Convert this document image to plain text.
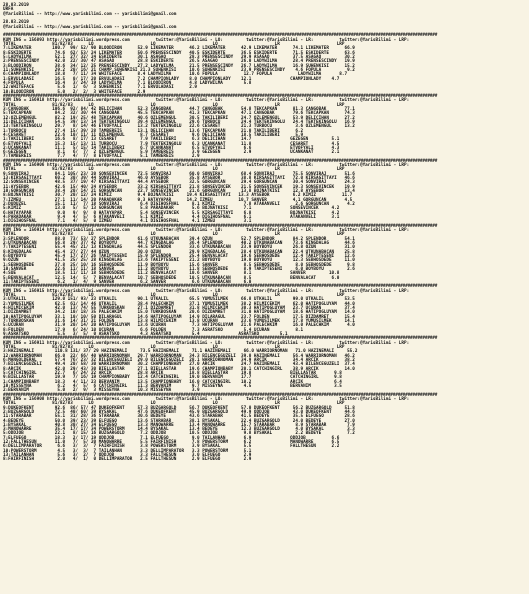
28.03.2019
URFA
@YarisBilimi -- http://www.yarisbilimi.com -- yarisbilimi@gmail.com

28.03.2019
@YarisBilimi -- http://www.yarisbilimi.com -- yarisbilimi@gmail.com

################################################################################################################################################################################
KUM ING = 156893 http://yarisbilimi.wordpress.com          twitter:@YarisBilimi - LO:         twitter:@YarisBilimi - LR:          twitter:@YarisBilimi - LRP:
TOTAL              81/82/83      LO                      LO                      LO                      LR                      LRP
7:LIKEMATER        100.7  99/ 52/ 90 BLOODIRON      52.9 LIKEMATER      46.2 LIKEMATER      42.9 LIKEMATER      74.1 LIKEMATER      66.9
8:ESKIDERTE         74.6  62/ 53/ 24 LIKEMATER      50.6 PRENSESCINDY   40.5 ESKIDERTE      36.5 ESKIDERTE      71.5 ESKIDERTE      63.6
5:LADYWILMA         52.1  27/ 32/ 24 ESKIDERTE      30.1 ASAGAO         28.3 PRENSESCINDY   29.9 ASAGAO         37.5 ASAGAO         30.2
2:PRENSESCINDY      42.0  22/ 30/ 47 ASAGAO         28.8 ESKIDERTE      26.5 ASAGAO         26.0 LADYWILMA      28.4 PRENSESCINDY   19.9
3:BLOODIRON         38.6  34/ 12/ 25 PRENSESCINDY   27.2 LADYWILMA      21.5 PRENSESCINDY   26.7 LADYWILMA      16.9 SUHENKISI      15.2
11:SUHENKISI        29.2  20/ 16/ 21 CHAMP.SUHENKISI 21.3 SUHENKISI     10.6 SUHENKISI      23.9 PRENSESCINDY    4.6 FOPULA          9.2
6:CHAMPIONLADY      18.8   7/ 11/ 34 WHITEFACE      8.4 LADYWILMA       10.6 FOPULA          12.7 FOPULA          LADYWILMA       8.7
1:ERVULADASI        16.5   0/ 17/ 20 ERVULADASI     7.2 CHAMPIONLADY    8.0 CHAMPIONLADY    12.1               CHAMPIONLADY    4.7
4:FOPULA            16.4   3/ 24/ 19 LADYWILMA      7.1 BLOODIRON       4.8 LADYWILMA        5.8
12:WHITEFACE         5.6   1/  6/  3 SUHENKISI      7.1 ERVULADASI      2.9
10:BLOODIRON         5.0   2/  2/  3 WHITEFACE      2.9
################################################################################################################################################################################
KUM ING = 156918 http://yarisbilimi.wordpress.com          twitter:@YarisBilimi - LO:         twitter:@YarisBilimi - LR:          twitter:@YarisBilimi - LRP:
TOTAL              81/82/83      LO                      LO                      LO                      LR                      LRP
3:CANGOBAK         106.6  92/ 84/ 42 DELICIHAN      52.3 CANGOBAK       44.7 CANGOBAK       54.8 TEKCAPKAN      81.3 CANGOBAK       77.1
5:TEKCAPKAN         84.2  32/ 30/ 44 CANGOBAK       45.5 TEKCAPKAN      41.3 TEKCAPKAN      47.1 CANGOBAK       79.6 TEKCAPKAN      74.3
12:OZLEMENGUL       82.2  19/ 25/ 48 TEKCAPKAN      40.6 OZLEMENGUL     30.5 TAKILIBERI     24.7 OZLEMENGUL     53.9 DELICIHAN      27.2
11:DELICIHAN        54.5  39/ 13/ 14 TEKTEKINGOLU   39.4 OZLEMENGUL     29.6 TURBOCU        24.4 TEKTEKINGOLU   24.4 TEKTEKINGOLU   16.9
13:TEKTEKINGOLU     29.7   8/ 14/ 46 ETVOFYALI      13.2 TEKTEKINGOLU   22.6 CESARET        21.3 TURBOCU         3.6 OZLEMENGUL     13.2
1:TURBOCU           27.4  15/ 39/ 28 TAMBEREIS      13.1 DELICIHAN      13.6 TEKCAPKAN      21.0 TAKILIBERI      6.2
4:CESARET           22.6  10/ 11/ 11 OZLEMENGUL      8.7 CESARET         9.6 DELICIHAN      18.5 TAKILIBERI      5.9
1:TAKILIBERI        16.6   8/ 17/ 13 CESARET         7.9 TAKILIBERI      6.3 DELICIHAN      14.7               GEZEGEN         5.1
6:ETVOFYALI         15.3  15/ 13/ 11 TURBOCU         7.9 TEKTEKINGOLU    6.3 UCANKANAT      11.8               CESARET         4.5
2:UCANKANAT         11.1   5/ 15/ 14 TAKILIBERI      6.7 UCANKANAT       6.5 ETVOFYALI       6.6               ETVOFYALI       4.3
6:GEZEGEN            8.1   6/  7/  2 OZLEMENGUL      5.9 TAMBEREIS       3.9 GEZEGEN         2.9               UCANKANAT       2.1
7:TAMBEREIS          7.7   4/  7/  8 ETVOFYALI       5.1 TAMBEREIS       2.9
################################################################################################################################################################################
KUM ING = 156906 http://yarisbilimi.wordpress.com          twitter:@YarisBilimi - LO:         twitter:@YarisBilimi - LR:          twitter:@YarisBilimi - LRP:
TOTAL              81/82/83      LO                      LO                      LO                      LR                      LRP
9:SONVIRAJ          84.1 105/ 23/ 20 SONSEVINCEK    72.5 SONVIRAJ       60.0 SONVIRAJ       68.4 SONVIRAJ       75.5 SONVIRAJ       51.6
13:KIRSAGITTAYI     60.2  30/ 39/ 44 SONVIRAJ       46.0 AYSEBOR        35.8 AYSEBOR        38.8 KIRSAGITTAYI   72.0 KIRSAGITTAYI   46.6
12:SONSEVINCEK      48.5  37/ 19/ 47 KIRSAGITTAYI   44.4 AYSEBOR        32.5 GORGUNCAN      29.4 GORGUNCAN      30.4 SONVIRAJ       24.3
11:AYSEBOR          42.6  15/ 40/ 24 AYSEBOR        33.2 KIRSAGITTAYI   21.8 SONSEVINCEK    21.5 SONSEVINCEK    19.3 SONSEVINCEK    19.9
10:GORGUNCAN        38.4  20/ 14/ 21 GORGUNCAN      22.7 SONSEVINCEK    21.6 GORGUNCAN      13.8 BOJNATKISI     12.8 AYSEBOR        13.4
8:BOJNATKISI        30.7  20/ 12/ 24 KIMIZ          9.4 BOJNATKISI     19.4 KIRSAGITTAYI   13.3 AYSEBOR         6.2 KIMIZ          11.7
7:IZMEU             27.1  11/ 14/ 20 PARADAKAR      9.3 HATAYAPAR      14.2 IZMEU          10.7 SANVER          4.1 GORGUNCAN       4.5
2:DUDUZEL           15.1  11/  7/ 18 SONVIRAJ        6.4 DIGIHOSFNAL     8.1 KIMIZ           7.8 ATAKANVELI      2.6 GORGUNCAN       4.2
5:KIMIZ             13.0   5/  5/ 13 GORGUNCAN       5.8 PARADAKAR       5.6 BOJNATKISI      7.1               SONSEVINCEK     4.2
6:HATAYAPAR          9.0   9/  9/  0 HATAYAPAR       5.4 SONSEVINCEK     5.5 KIRSAGITTAYI    6.8               BOJNATKISI      4.2
4:PARADAKAR          9.4   4/  5/  6 ATAKANVELI      5.1 KIMIZ           4.4 DIGIHOSFNAL     6.1               ATAKANVELI      3.1
1:DIGIHOSFNAL        7.1   4/  5/  0 IZMEU           4.1 DIGIHOSFNAL     4.1 IZMEU           3.1
################################################################################################################################################################################
KUM ING = 156914 http://yarisbilimi.wordpress.com          twitter:@YarisBilimi - LO:         twitter:@YarisBilimi - LR:          twitter:@YarisBilimi - LRP:
TOTAL              81/82/83      LO                      LO                      LO                      LR                      LRP
3:SPLENDOR          88.0  73/ 53/ 27 SPLENDOR       61.6 UTKUNABACAN    39.4 OZUN           52.7 SPLENDOR       84.2 SPLENDOR       54.1
2:UTKUNABACAN       56.8  29/ 37/ 42 BOYBOYU        44.7 KINGDALAG      36.4 SPLENDOR       40.2 UTKUNABACAN    73.6 KINGDALAG      44.6
7:TAKIPTESENI       55.4  45/ 21/ 13 KINGDALAG      44.5 SPLENDOR       33.6 UTKUNABACAN    23.9 BOYBOYU        26.8 OZUN           31.0
8:KINGDALAG         45.4  27/ 27/ 44 OZUN           30.0 OZUN           29.9 KINGDALAG      28.4 UTKUNABACAN    22.4 UTKUNABACAN    25.8
6:BOYBOYU           45.4  17/ 27/ 26 TAKIPTESENI    15.9 SPLENDOR       25.4 BENVALACAT     19.6 SEBHOSDEDE     12.4 TAKIPTESENI    12.6
9:OZUN              41.5  25/ 25/ 28 KINGDALAG      13.6 TAKIPTESENI    21.2 BOYBOYU        19.0 BOYBOYU        12.3 SEBHOSDEDE     11.0
1:SEBHOSDEDE        37.8  25/ 10/ 16 SEBHOSDEDE     11.9 BOYBOYU        15.6 SANVER          8.5 SEBHOSDEDE      8.0 SEBHOSDEDE      9.8
10:SANVER           22.6  11/ 11/ 18 SANVER         11.2 BOYBOYU        11.8 SEBHOSDEDE      8.9 TAKIPTESENI     6.0 BOYBOYU         2.6
4:SUE               18.5  11/ 11/ 18 SEBHOSDEDE     11.2 BENVALACAT     10.6 SANVER          8.1               SANVER         10.8
5:BENVALACAT        12.5  14/  5/  7 BENVALACAT     10.7 SEBHOSDEDE     10.5 UTKUNABACAN     8.5               BENVALACAT      6.0
11:TAKIPTESENI       6.2   1/  4/  9 SANVER          6.2 SANVER          6.6 UTKUNABACAN     6.0
################################################################################################################################################################################
KUM ING = 156915 http://yarisbilimi.wordpress.com          twitter:@YarisBilimi - LO:         twitter:@YarisBilimi - LR:          twitter:@YarisBilimi - LRP:
TOTAL              81/82/83      LO                      LO                      LO                      LR                      LRP
3:UTKALIL          129.0 151/ 93/ 23 UTKALIL        90.1 UTKALIL        65.5 YUMUSILMEK     66.8 UTKALIL        99.0 UTKALIL        53.5
2:YUMUSILMEK        62.5  61/ 14/ 46 UTKALIL        38.4 PALECHKIM      37.1 YUMUSILMEK     38.2 HILMICEKIM     62.0 HATIPOGLUYAM   44.0
4:HILMICEKIM        42.0  13/ 74/ 55 TURKBOSKAN     27.1 DIZDAMRET      31.8 HILMICEKIM     30.3 HATIPOGLUYAM   23.7 UCURAN         37.4
1:DIZDAMRET         34.2  10/ 18/ 35 PALECHKIM      15.0 TURKBOSKAN     20.6 DIZDAMRET      31.0 HATIPOGLUYAM   18.6 HATIPOGLUYAM   14.0
10:HATIPOGLUYAM     33.1  10/ 10/ 50 DILARAGUL      14.6 HATIPOGLUYAM   14.9 DILARAGUL      23.7 FOLDEN         17.5 DIZDAMRET      15.4
7:TURKBOSKAN        31.6  14/ 31/ 21 FOLDEN         13.8 HILMICEKIM     13.8 UCURAN         23.6 YUMUSILMEK     17.8 YUMUSILMEK     14.1
5:UCURAN            31.9  20/ 14/ 20 HATIPOGLUYAM   13.6 UCURAN          7.3 HATIPOGLUYAM   21.6 PALECHKIM      16.0 PALECHKIM       4.0
8:FOLDEN            17.9   6/ 24/ 10 UCURAN          6.6 FOLDEN          7.3 ASRATSKO        5.4 UCURAN          8.1
9:ASRATSKO           5.5   3/  5/  0 ASRATSKO        4.3 ASRATSKO        5.4               ASRATSKO        5.1
################################################################################################################################################################################
KUM ING = 156911 http://yarisbilimi.wordpress.com          twitter:@YarisBilimi - LO:         twitter:@YarisBilimi - LR:          twitter:@YarisBilimi - LRP:
TOTAL              81/82/83      LO                      LO                      LO                      LR                      LRP
3:HAZINEMALI        110.8 131/ 37/ 29 HAZINEMALI     73.5 HAZINEMALI     71.1 HAZINEMALI     66.0 WARRIORNOMAN   71.0 HAZINEMALI     55.2
12:WARRIORNOMAN     66.0  22/ 66/ 40 WARRIORNOMAN   29.7 WARRIORNOMAN   34.3 BILENCEGUZELI  39.0 HAZINEMALI     56.4 WARRIORNOMAN   46.2
6:MANGOLDERAL       57.4  76/ 23/ 32 BILENCEGUZELI  29.0 BILENCEGUZELI  28.1 WARRIORNOMAN   34.9 ARCIK          34.4 ARCIK          38.2
7:BILENCEGUZELI     49.4  20/ 58/ 30 WARRIORNOMAN   30.2 CHAMPIONBABY   27.0 ARCIK          24.7 HAZINEMALI     43.4 BILENCEGUZELI  37.4
8:ARCIK             42.0  29/ 43/ 30 BIELLASTAR     27.1 BIELLASTAR     19.6 CHAMPIONBABY   20.1 CATCHINGIRL    38.9 ARCIK          14.0
5:CATCHINGIRL       22.7   6/ 24/ 22 ARCIK          28.8 ARCIK          18.8 BIELLASTAR     19.8               BIELLASTAR       9.8
9:BIELLASTAR        19.9   7/ 16/ 19 CHAMPIONBABY   12.4 CATCHINGIRL    19.0 BERVANIM       17.7               CATCHINGIRL      9.8
1:CHAMPIONBABY      18.3   4/ 11/ 23 BERVANIM       13.5 CHAMPIONBABY   16.0 CATCHINGIRL    10.2               ARCIK            6.4
10:MISSEYNA          6.2   4/  5/  6 CATCHINGIRL    11.3 BERVANIM        9.7 MISSEYNA        4.5               BERVANIM         3.5
2:BERVANIM           5.0   2/  9/  3 MISSEYNA       10.3 MISSEYNA        3.9
################################################################################################################################################################################
KUM ING = 156908 http://yarisbilimi.wordpress.com          twitter:@YarisBilimi - LO:         twitter:@YarisBilimi - LR:          twitter:@YarisBilimi - LRP:
TOTAL              81/82/83      LO                      LO                      LO                      LR                      LRP
9:DUKEOFKENT        92.6  86/ 57/ 47 DUKEOFKENT     57.3 BUZGARGOLD     56.7 DUKEOFKENT     57.0 DUKEOFKENT     56.2 BUZGARGOLD     51.8
2:BUZGARGOLD        72.5  40/ 60/ 39 BYSAKAL        47.6 DUKEOFKENT     45.9 BUZGARGOLD     49.9 ODDJOB         43.0 DUKEOFKENT     44.6
11:STARABAR         55.1  31/ 28/ 36 STARABAR       30.6 BEDEYE         43.6 STARABAR       41.5 BEDEYE         35.5 ELFUEGO        28.6
4:BEDEYE            50.0  39/ 23/ 39 ELFUEGO        13.6 STARABAR       38.1 BYSAKAL        22.4 BUZGARGOLD     24.0 BEDEYE         27.0
1:BYSAKAL           40.8  30/ 27/ 34 ELFUEGO        13.3 MANOWARRE      13.4 MANOWARRE      15.7 STARABAR        8.9 STARABAR        7.9
3:MANOWARRE         35.4  17/ 17/ 34 POWERSTORM     14.4 BYSAKAL        13.4 BEDEYE         12.3 BUZGARGOLD      4.0 BYSAKAL         3.3
5:ODDJOB            22.1   8/ 15/ 16 BUZGARGOLD      7.2 ODDJOB         10.5 ODDJOB          9.8 BYSAKAL         2.2 BEDEYE          7.2
7:ELFUEGO           18.3   2/ 17/ 19 ODDJOB          7.1 ELFUEGO         9.0 TAILANHAN       6.9               ODDJOB          6.6
12:FALLTHESUN       11.0   7/  5/ 20 MANOWARRE       5.5 FAIRFINISH      7.8 POWERSTORM      6.2               MANOWARRE       6.5
6:DELLIMPARATOR      6.6   3/  3/  7 FAIRFINISH      3.8 POWERSTORM      3.9 BYSAKAL         5.5               FALLTHESUN      2.2
10:POWERSTORM        4.5   3/  3/  7 TAILANHAN       3.3 DELLIMPARATOR   3.3 POWERSTORM      5.1
13:TAILANHAN         5.6   3/  2/  7 ODDJOB          3.3 FALLTHESUN      3.0 ELFUEGO         2.9
8:FAIRFINISH         2.0   4/  1/  0 DELLIMPARATOR   2.5 FALLTHESUN      2.9 ELFUEGO         2.9
